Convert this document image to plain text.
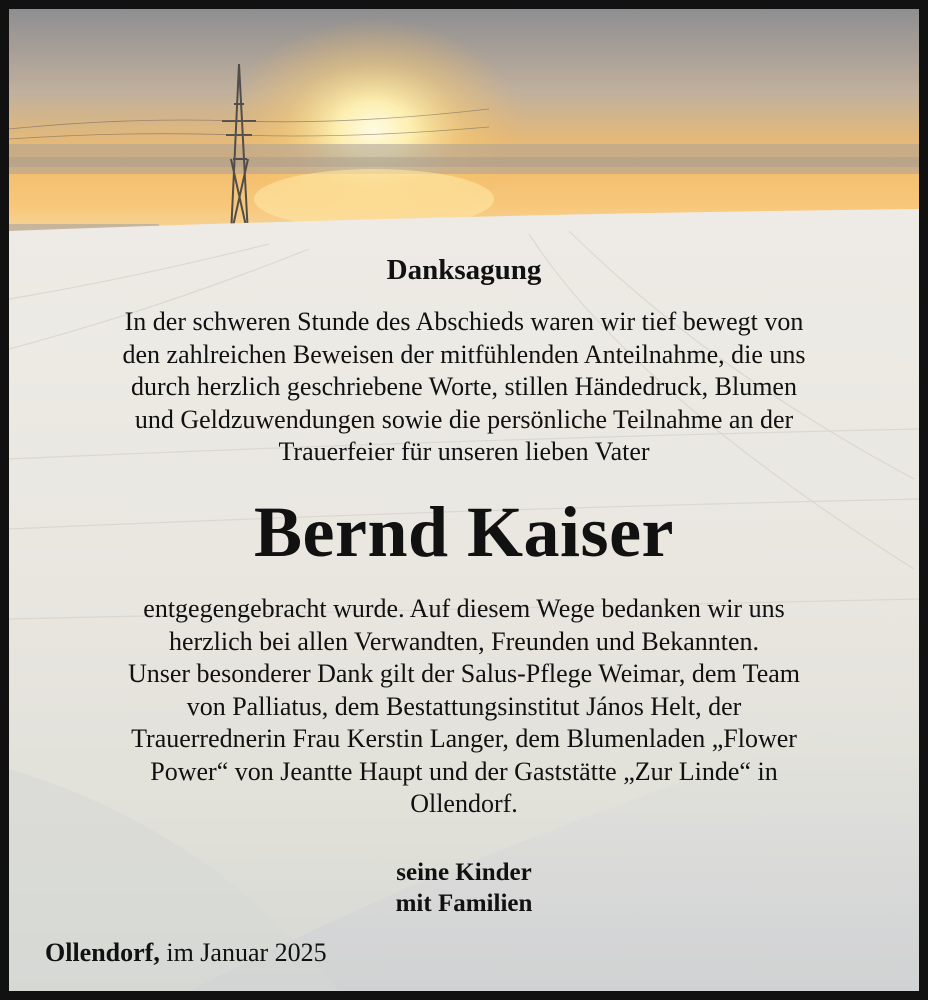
Danksagung
In der schweren Stunde des Abschieds waren wir tief bewegt von
den zahlreichen Beweisen der mitfühlenden Anteilnahme, die uns
durch herzlich geschriebene Worte, stillen Händedruck, Blumen
und Geldzuwendungen sowie die persönliche Teilnahme an der
Trauerfeier für unseren lieben Vater
Bernd Kaiser
entgegengebracht wurde. Auf diesem Wege bedanken wir uns
herzlich bei allen Verwandten, Freunden und Bekannten.
Unser besonderer Dank gilt der Salus-Pflege Weimar, dem Team
von Palliatus, dem Bestattungsinstitut János Helt, der
Trauerrednerin Frau Kerstin Langer, dem Blumenladen „Flower
Power“ von Jeantte Haupt und der Gaststätte „Zur Linde“ in
Ollendorf.
seine Kinder
mit Familien
Ollendorf, im Januar 2025
